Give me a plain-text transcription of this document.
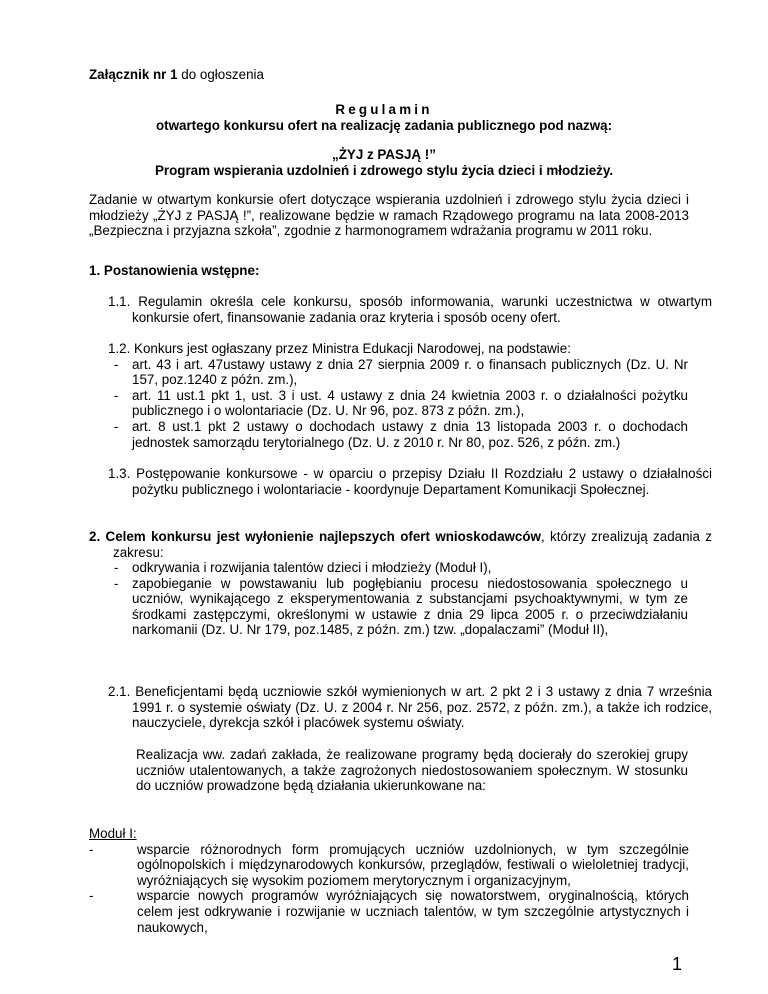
Załącznik nr 1 do ogłoszenia
Regulamin
otwartego konkursu ofert na realizację zadania publicznego pod nazwą:
„ŻYJ z PASJĄ !”
Program wspierania uzdolnień i zdrowego stylu życia dzieci i młodzieży.
Zadanie w otwartym konkursie ofert dotyczące wspierania uzdolnień i zdrowego stylu życia dzieci i młodzieży „ŻYJ z PASJĄ !”, realizowane będzie w ramach Rządowego programu na lata 2008-2013 „Bezpieczna i przyjazna szkoła”, zgodnie z harmonogramem wdrażania programu w 2011 roku.
1. Postanowienia wstępne:
1.1. Regulamin określa cele konkursu, sposób informowania, warunki uczestnictwa w otwartym konkursie ofert, finansowanie zadania oraz kryteria i sposób oceny ofert.
1.2. Konkurs jest ogłaszany przez Ministra Edukacji Narodowej, na podstawie:
- art. 43 i art. 47ustawy ustawy z dnia 27 sierpnia 2009 r. o finansach publicznych (Dz. U. Nr 157, poz.1240 z późn. zm.),
- art. 11 ust.1 pkt 1, ust. 3 i ust. 4 ustawy z dnia 24 kwietnia 2003 r. o działalności pożytku publicznego i o wolontariacie (Dz. U. Nr 96, poz. 873 z późn. zm.),
- art. 8 ust.1 pkt 2 ustawy o dochodach ustawy z dnia 13 listopada 2003 r. o dochodach jednostek samorządu terytorialnego (Dz. U. z 2010 r. Nr 80, poz. 526, z późn. zm.)
1.3. Postępowanie konkursowe - w oparciu o przepisy Działu II Rozdziału 2 ustawy o działalności pożytku publicznego i wolontariacie - koordynuje Departament Komunikacji Społecznej.
2. Celem konkursu jest wyłonienie najlepszych ofert wnioskodawców, którzy zrealizują zadania z zakresu:
- odkrywania i rozwijania talentów dzieci i młodzieży (Moduł I),
- zapobieganie w powstawaniu lub pogłębianiu procesu niedostosowania społecznego u uczniów, wynikającego z eksperymentowania z substancjami psychoaktywnymi, w tym ze środkami zastępczymi, określonymi w ustawie z dnia 29 lipca 2005 r. o przeciwdziałaniu narkomanii (Dz. U. Nr 179, poz.1485, z późn. zm.) tzw. „dopalaczami” (Moduł II),
2.1. Beneficjentami będą uczniowie szkół wymienionych w art. 2 pkt 2 i 3 ustawy z dnia 7 września 1991 r. o systemie oświaty (Dz. U. z 2004 r. Nr 256, poz. 2572, z późn. zm.), a także ich rodzice, nauczyciele, dyrekcja szkół i placówek systemu oświaty.
Realizacja ww. zadań zakłada, że realizowane programy będą docierały do szerokiej grupy uczniów utalentowanych, a także zagrożonych niedostosowaniem społecznym. W stosunku do uczniów prowadzone będą działania ukierunkowane na:
Moduł I:
- wsparcie różnorodnych form promujących uczniów uzdolnionych, w tym szczególnie ogólnopolskich i międzynarodowych konkursów, przeglądów, festiwali o wieloletniej tradycji, wyróżniających się wysokim poziomem merytorycznym i organizacyjnym,
- wsparcie nowych programów wyróżniających się nowatorstwem, oryginalnością, których celem jest odkrywanie i rozwijanie w uczniach talentów, w tym szczególnie artystycznych i naukowych,
1
